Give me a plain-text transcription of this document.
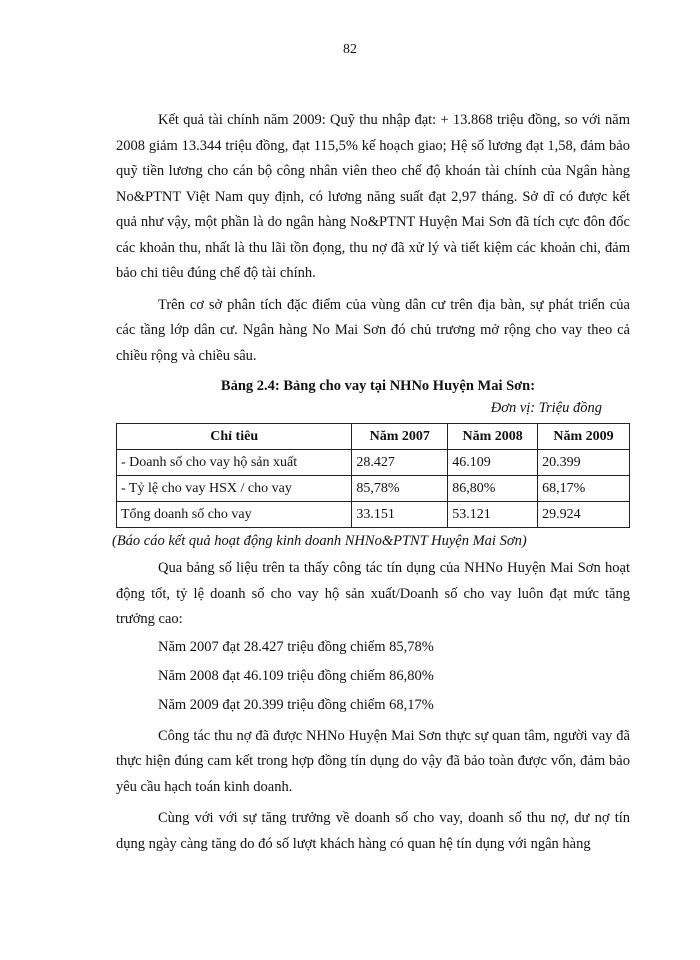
82

Kết quả tài chính năm 2009: Quỹ thu nhập đạt: + 13.868 triệu đồng, so với năm 2008 giảm 13.344 triệu đồng, đạt 115,5% kế hoạch giao; Hệ số lương đạt 1,58, đảm bảo quỹ tiền lương cho cán bộ công nhân viên theo chế độ khoán tài chính của Ngân hàng No&PTNT Việt Nam quy định, có lương năng suất đạt 2,97 tháng. Sở dĩ có được kết quả như vậy, một phần là do ngân hàng No&PTNT Huyện Mai Sơn đã tích cực đôn đốc các khoản thu, nhất là thu lãi tồn đọng, thu nợ đã xử lý và tiết kiệm các khoản chi, đảm bảo chi tiêu đúng chế độ tài chính.

Trên cơ sở phân tích đặc điểm của vùng dân cư trên địa bàn, sự phát triển của các tầng lớp dân cư. Ngân hàng No Mai Sơn đó chủ trương mở rộng cho vay theo cả chiều rộng và chiều sâu.

Bảng 2.4: Bảng cho vay tại NHNo Huyện Mai Sơn:
Đơn vị: Triệu đồng
Chỉ tiêu	Năm 2007	Năm 2008	Năm 2009
- Doanh số cho vay hộ sản xuất	28.427	46.109	20.399
- Tỷ lệ cho vay HSX / cho vay	85,78%	86,80%	68,17%
Tổng doanh số cho vay	33.151	53.121	29.924
(Báo cáo kết quả hoạt động kinh doanh NHNo&PTNT Huyện Mai Sơn)

Qua bảng số liệu trên ta thấy công tác tín dụng của NHNo Huyện Mai Sơn hoạt động tốt, tỷ lệ doanh số cho vay hộ sản xuất/Doanh số cho vay luôn đạt mức tăng trưởng cao:

Năm 2007 đạt 28.427 triệu đồng chiếm 85,78%

Năm 2008 đạt 46.109 triệu đồng chiếm 86,80%

Năm 2009 đạt 20.399 triệu đồng chiếm 68,17%

Công tác thu nợ đã được NHNo Huyện Mai Sơn thực sự quan tâm, người vay đã thực hiện đúng cam kết trong hợp đồng tín dụng do vậy đã bảo toàn được vốn, đảm bảo yêu cầu hạch toán kinh doanh.

Cùng với với sự tăng trưởng về doanh số cho vay, doanh số thu nợ, dư nợ tín dụng ngày càng tăng do đó số lượt khách hàng có quan hệ tín dụng với ngân hàng
